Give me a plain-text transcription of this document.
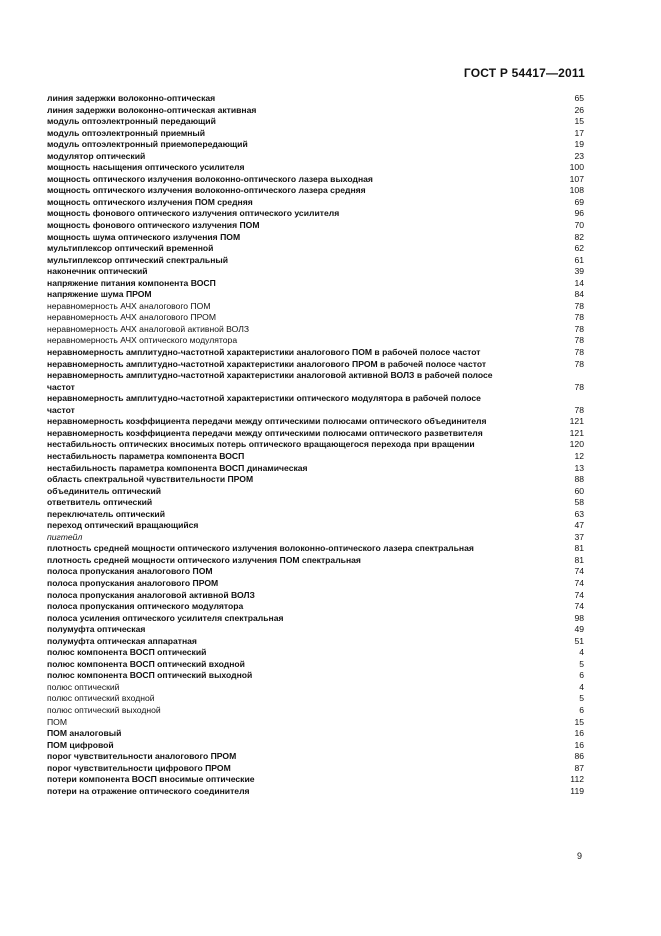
ГОСТ Р 54417—2011
линия задержки волоконно-оптическая	65
линия задержки волоконно-оптическая активная	26
модуль оптоэлектронный передающий	15
модуль оптоэлектронный приемный	17
модуль оптоэлектронный приемопередающий	19
модулятор оптический	23
мощность насыщения оптического усилителя	100
мощность оптического излучения волоконно-оптического лазера выходная	107
мощность оптического излучения волоконно-оптического лазера средняя	108
мощность оптического излучения ПОМ средняя	69
мощность фонового оптического излучения оптического усилителя	96
мощность фонового оптического излучения ПОМ	70
мощность шума оптического излучения ПОМ	82
мультиплексор оптический временной	62
мультиплексор оптический спектральный	61
наконечник оптический	39
напряжение питания компонента ВОСП	14
напряжение шума ПРОМ	84
неравномерность АЧХ аналогового ПОМ	78
неравномерность АЧХ аналогового ПРОМ	78
неравномерность АЧХ аналоговой активной ВОЛЗ	78
неравномерность АЧХ оптического модулятора	78
неравномерность амплитудно-частотной характеристики аналогового ПОМ в рабочей полосе частот	78
неравномерность амплитудно-частотной характеристики аналогового ПРОМ в рабочей полосе частот	78
неравномерность амплитудно-частотной характеристики аналоговой активной ВОЛЗ в рабочей полосе
частот	78
неравномерность амплитудно-частотной характеристики оптического модулятора в рабочей полосе
частот	78
неравномерность коэффициента передачи между оптическими полюсами оптического объединителя	121
неравномерность коэффициента передачи между оптическими полюсами оптического разветвителя	121
нестабильность оптических вносимых потерь оптического вращающегося перехода при вращении	120
нестабильность параметра компонента ВОСП	12
нестабильность параметра компонента ВОСП динамическая	13
область спектральной чувствительности ПРОМ	88
объединитель оптический	60
ответвитель оптический	58
переключатель оптический	63
переход оптический вращающийся	47
пигтейл	37
плотность средней мощности оптического излучения волоконно-оптического лазера спектральная	81
плотность средней мощности оптического излучения ПОМ спектральная	81
полоса пропускания аналогового ПОМ	74
полоса пропускания аналогового ПРОМ	74
полоса пропускания аналоговой активной ВОЛЗ	74
полоса пропускания оптического модулятора	74
полоса усиления оптического усилителя спектральная	98
полумуфта оптическая	49
полумуфта оптическая аппаратная	51
полюс компонента ВОСП оптический	4
полюс компонента ВОСП оптический входной	5
полюс компонента ВОСП оптический выходной	6
полюс оптический	4
полюс оптический входной	5
полюс оптический выходной	6
ПОМ	15
ПОМ аналоговый	16
ПОМ цифровой	16
порог чувствительности аналогового ПРОМ	86
порог чувствительности цифрового ПРОМ	87
потери компонента ВОСП вносимые оптические	112
потери на отражение оптического соединителя	119
9
